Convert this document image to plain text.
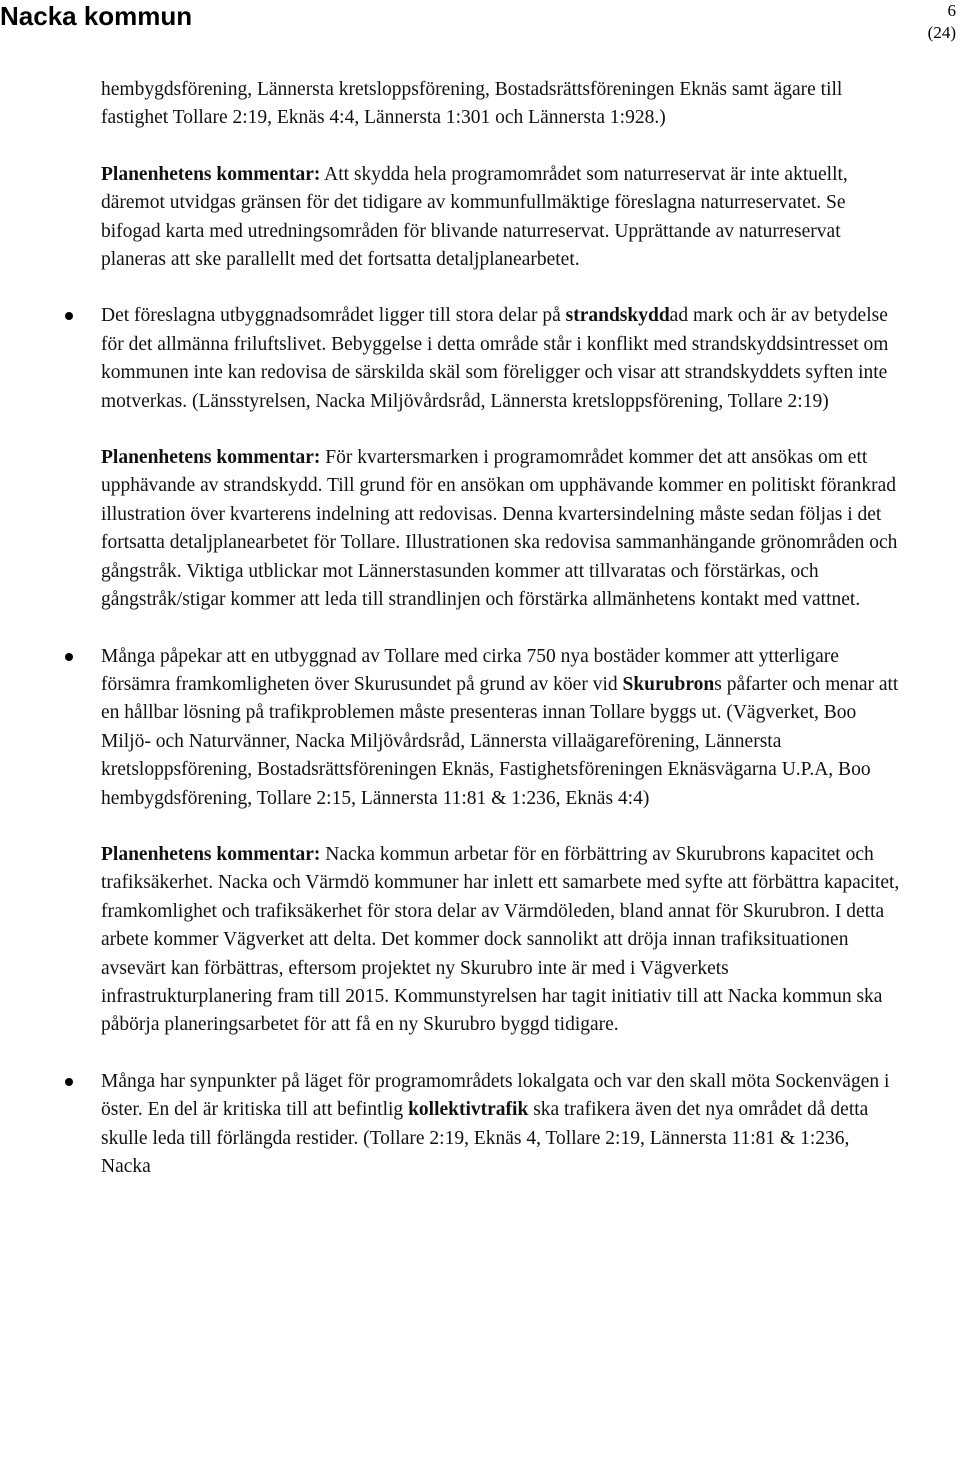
Nacka kommun	6
(24)

hembygdsförening, Lännersta kretsloppsförening, Bostadsrättsföreningen Eknäs samt ägare till fastighet Tollare 2:19, Eknäs 4:4, Lännersta 1:301 och Lännersta 1:928.)

Planenhetens kommentar: Att skydda hela programområdet som naturreservat är inte aktuellt, däremot utvidgas gränsen för det tidigare av kommunfullmäktige föreslagna naturreservatet. Se bifogad karta med utredningsområden för blivande naturreservat. Upprättande av naturreservat planeras att ske parallellt med det fortsatta detaljplanearbetet.

Det föreslagna utbyggnadsområdet ligger till stora delar på strandskyddad mark och är av betydelse för det allmänna friluftslivet. Bebyggelse i detta område står i konflikt med strandskyddsintresset om kommunen inte kan redovisa de särskilda skäl som föreligger och visar att strandskyddets syften inte motverkas. (Länsstyrelsen, Nacka Miljövårdsråd, Lännersta kretsloppsförening, Tollare 2:19)

Planenhetens kommentar: För kvartersmarken i programområdet kommer det att ansökas om ett upphävande av strandskydd. Till grund för en ansökan om upphävande kommer en politiskt förankrad illustration över kvarterens indelning att redovisas. Denna kvartersindelning måste sedan följas i det fortsatta detaljplanearbetet för Tollare. Illustrationen ska redovisa sammanhängande grönområden och gångstråk. Viktiga utblickar mot Lännerstasunden kommer att tillvaratas och förstärkas, och gångstråk/stigar kommer att leda till strandlinjen och förstärka allmänhetens kontakt med vattnet.

Många påpekar att en utbyggnad av Tollare med cirka 750 nya bostäder kommer att ytterligare försämra framkomligheten över Skurusundet på grund av köer vid Skurubrons påfarter och menar att en hållbar lösning på trafikproblemen måste presenteras innan Tollare byggs ut. (Vägverket, Boo Miljö- och Naturvänner, Nacka Miljövårdsråd, Lännersta villaägareförening, Lännersta kretsloppsförening, Bostadsrättsföreningen Eknäs, Fastighetsföreningen Eknäsvägarna U.P.A, Boo hembygdsförening, Tollare 2:15, Lännersta 11:81 & 1:236, Eknäs 4:4)

Planenhetens kommentar: Nacka kommun arbetar för en förbättring av Skurubrons kapacitet och trafiksäkerhet. Nacka och Värmdö kommuner har inlett ett samarbete med syfte att förbättra kapacitet, framkomlighet och trafiksäkerhet för stora delar av Värmdöleden, bland annat för Skurubron. I detta arbete kommer Vägverket att delta. Det kommer dock sannolikt att dröja innan trafiksituationen avsevärt kan förbättras, eftersom projektet ny Skurubro inte är med i Vägverkets infrastrukturplanering fram till 2015. Kommunstyrelsen har tagit initiativ till att Nacka kommun ska påbörja planeringsarbetet för att få en ny Skurubro byggd tidigare.

Många har synpunkter på läget för programområdets lokalgata och var den skall möta Sockenvägen i öster. En del är kritiska till att befintlig kollektivtrafik ska trafikera även det nya området då detta skulle leda till förlängda restider. (Tollare 2:19, Eknäs 4, Tollare 2:19, Lännersta 11:81 & 1:236, Nacka
